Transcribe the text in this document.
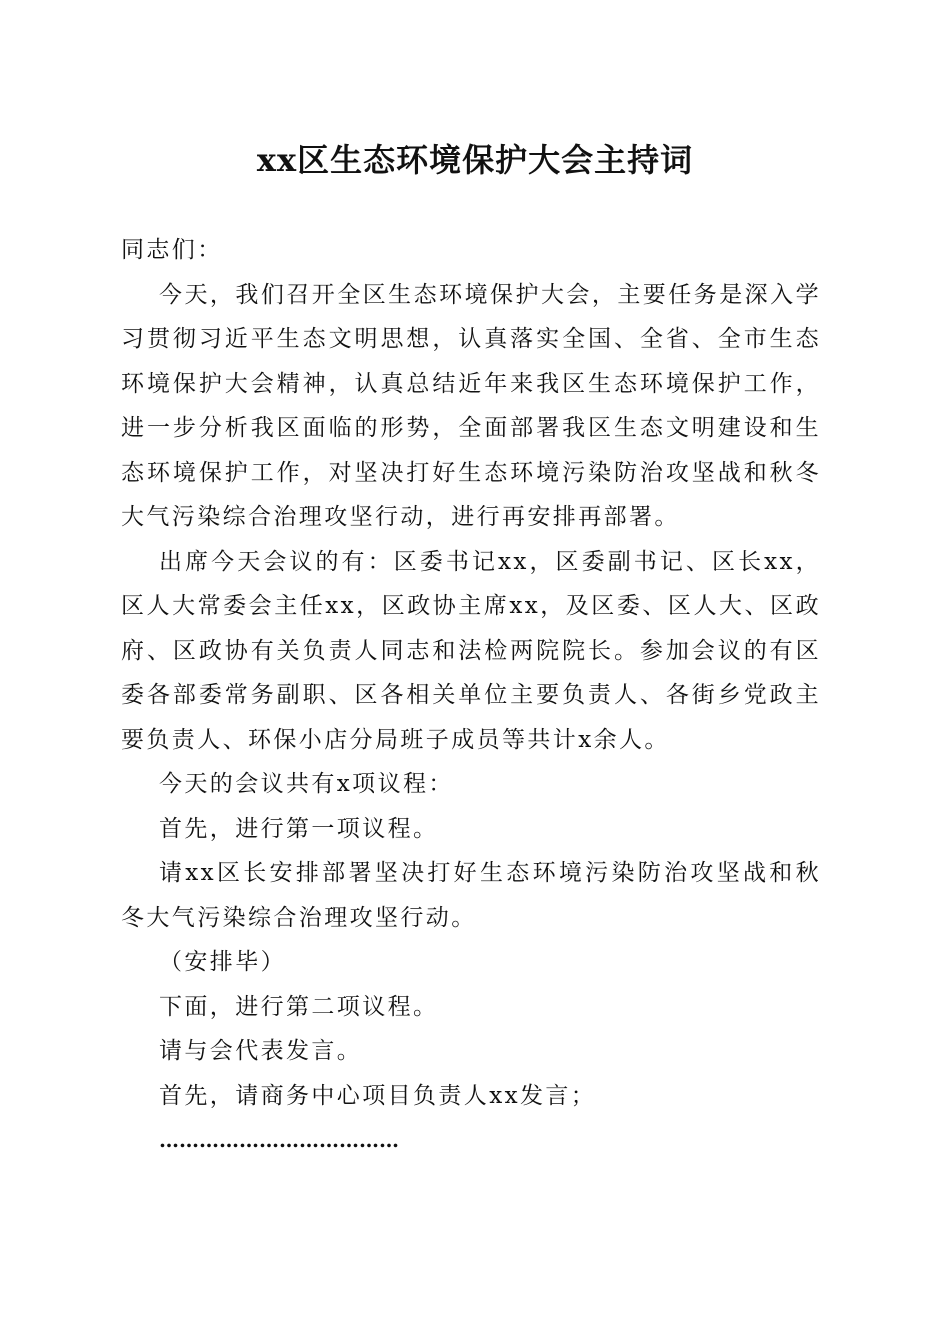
xx区生态环境保护大会主持词

同志们：

今天，我们召开全区生态环境保护大会，主要任务是深入学习贯彻习近平生态文明思想，认真落实全国、全省、全市生态环境保护大会精神，认真总结近年来我区生态环境保护工作，进一步分析我区面临的形势，全面部署我区生态文明建设和生态环境保护工作，对坚决打好生态环境污染防治攻坚战和秋冬大气污染综合治理攻坚行动，进行再安排再部署。

出席今天会议的有：区委书记xx，区委副书记、区长xx，区人大常委会主任xx，区政协主席xx，及区委、区人大、区政府、区政协有关负责人同志和法检两院院长。参加会议的有区委各部委常务副职、区各相关单位主要负责人、各街乡党政主要负责人、环保小店分局班子成员等共计x余人。

今天的会议共有x项议程：

首先，进行第一项议程。

请xx区长安排部署坚决打好生态环境污染防治攻坚战和秋冬大气污染综合治理攻坚行动。

（安排毕）

下面，进行第二项议程。

请与会代表发言。

首先，请商务中心项目负责人xx发言；

………………………………
